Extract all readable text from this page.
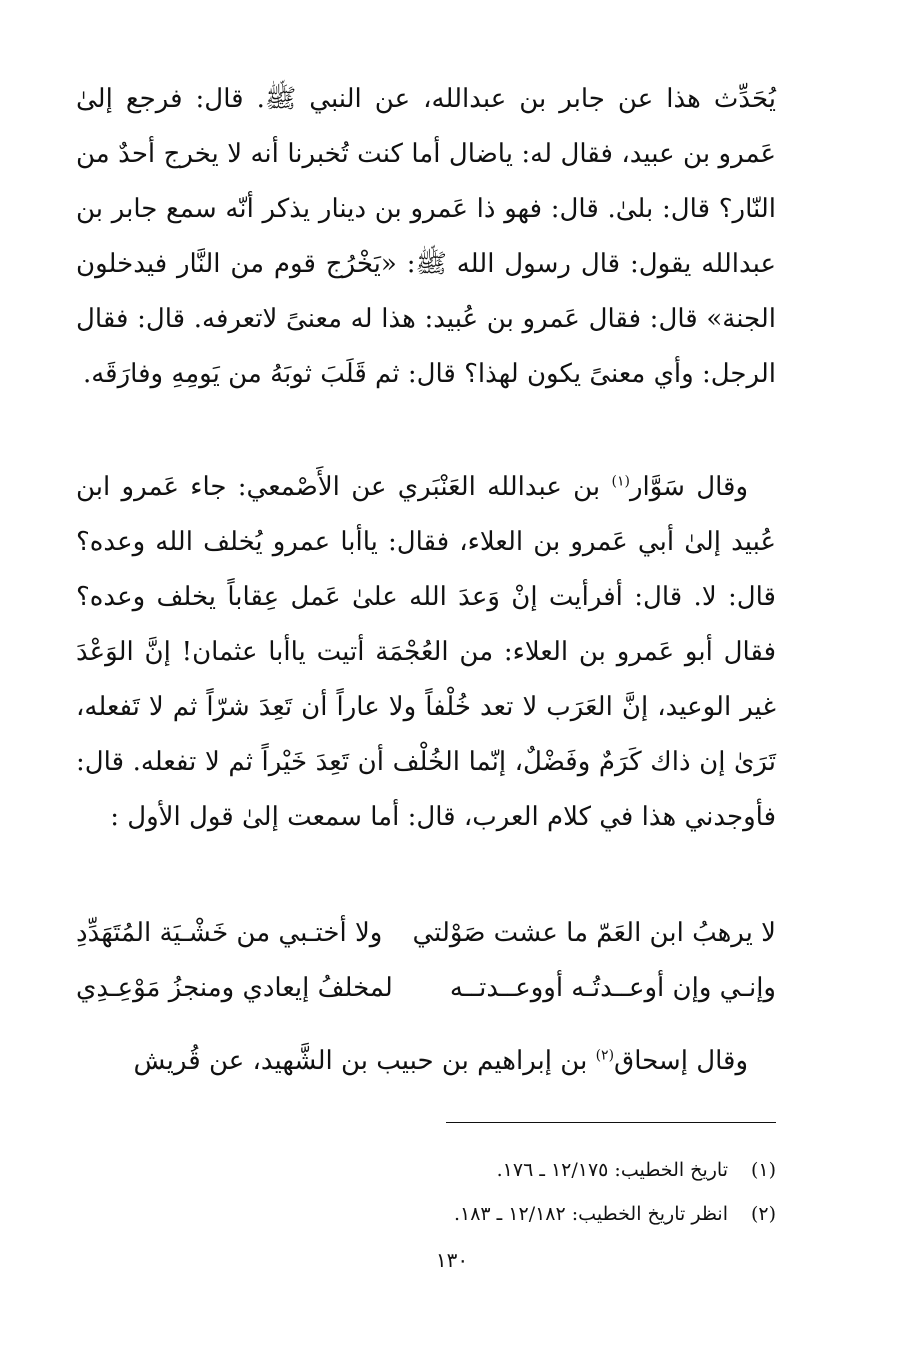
يُحَدِّث هذا عن جابر بن عبدالله، عن النبي ﷺ. قال: فرجع إلىٰ عَمرو بن عبيد، فقال له: ياضال أما كنت تُخبرنا أنه لا يخرج أحدٌ من النّار؟ قال: بلىٰ. قال: فهو ذا عَمرو بن دينار يذكر أنّه سمع جابر بن عبدالله يقول: قال رسول الله ﷺ: «يَخْرُج قوم من النَّار فيدخلون الجنة» قال: فقال عَمرو بن عُبيد: هذا له معنىً لاتعرفه. قال: فقال الرجل: وأي معنىً يكون لهذا؟ قال: ثم قَلَبَ ثوبَهُ من يَومِهِ وفارَقَه.

وقال سَوَّار$^{(١)}$ بن عبدالله العَنْبَري عن الأَصْمعي: جاء عَمرو ابن عُبيد إلىٰ أبي عَمرو بن العلاء، فقال: ياأبا عمرو يُخلف الله وعده؟ قال: لا. قال: أفرأيت إنْ وَعدَ الله علىٰ عَمل عِقاباً يخلف وعده؟ فقال أبو عَمرو بن العلاء: من العُجْمَة أتيت ياأبا عثمان! إنَّ الوَعْدَ غير الوعيد، إنَّ العَرَب لا تعد خُلْفاً ولا عاراً أن تَعِدَ شرّاً ثم لا تَفعله، تَرَىٰ إن ذاك كَرَمٌ وفَضْلٌ، إنّما الخُلْف أن تَعِدَ خَيْراً ثم لا تفعله. قال: فأوجدني هذا في كلام العرب، قال: أما سمعت إلىٰ قول الأول :

لا يرهبُ ابن العَمّ ما عشت صَوْلتي
ولا أختـبي من خَشْـيَة المُتَهَدِّدِ
وإنـي وإن أوعــدتُـه أووعــدتــه
لمخلفُ إيعادي ومنجزُ مَوْعِـدِي

وقال إسحاق$^{(٢)}$ بن إبراهيم بن حبيب بن الشَّهيد، عن قُريش

(١)
تاريخ الخطيب: ١٢/١٧٥ ـ ١٧٦.
(٢)
انظر تاريخ الخطيب: ١٢/١٨٢ ـ ١٨٣.
١٣٠
